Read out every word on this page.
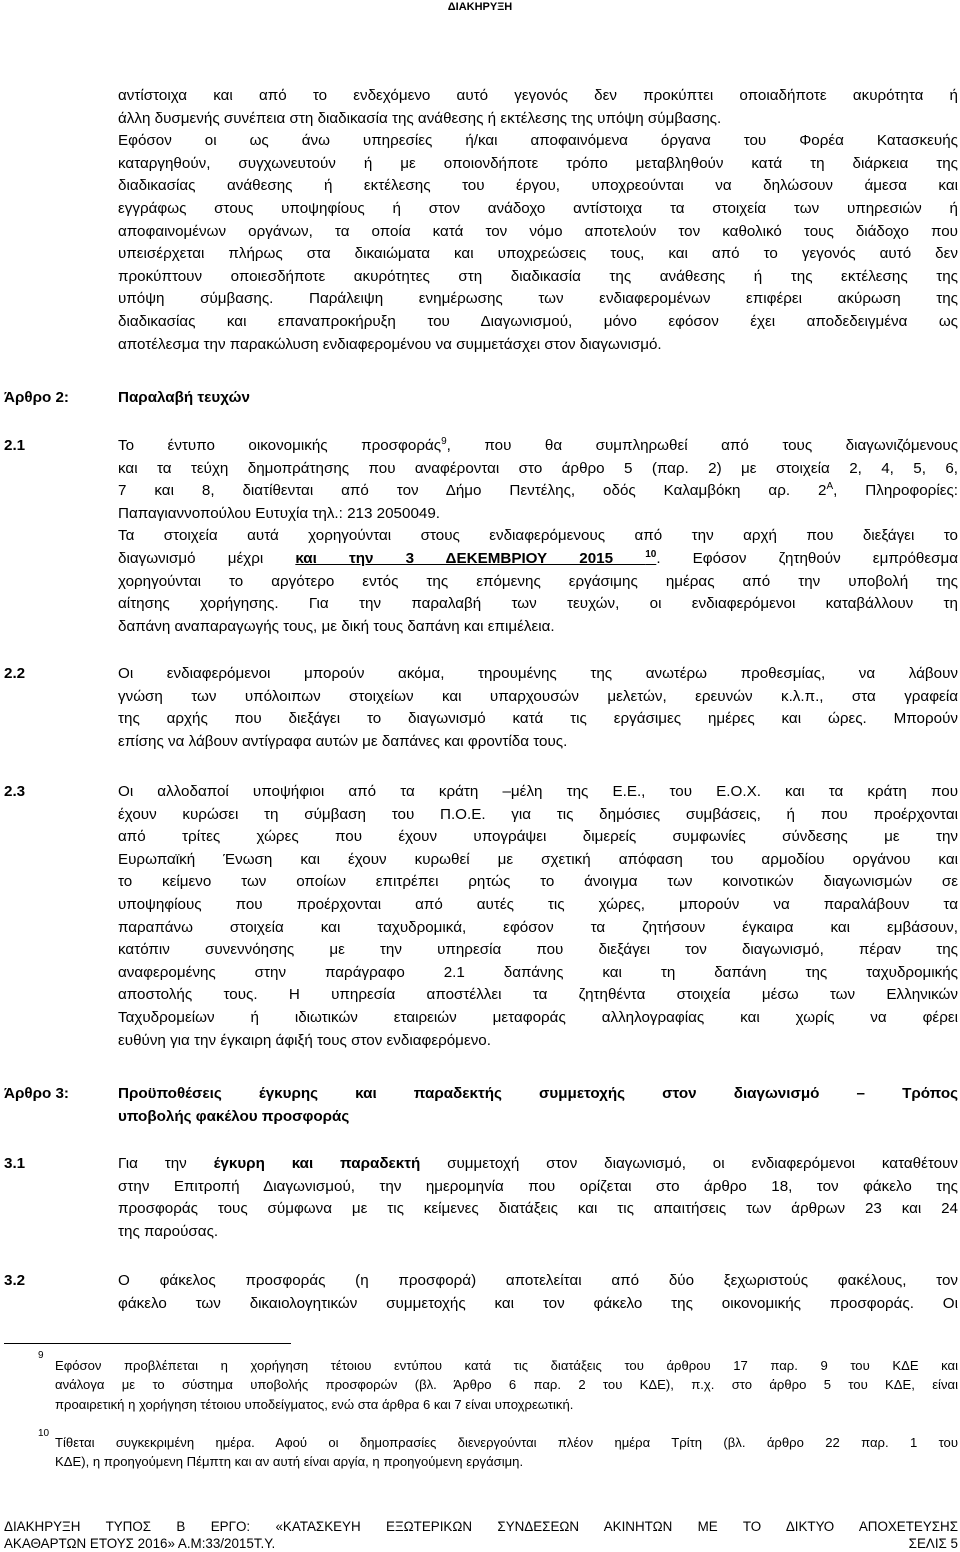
ΔΙΑΚΗΡΥΞΗ
αντίστοιχα και από το ενδεχόμενο αυτό γεγονός δεν προκύπτει οποιαδήποτε ακυρότητα ή
άλλη δυσμενής συνέπεια στη διαδικασία της ανάθεσης ή εκτέλεσης της υπόψη σύμβασης.
Εφόσον οι ως άνω υπηρεσίες ή/και αποφαινόμενα όργανα του Φορέα Κατασκευής
καταργηθούν, συγχωνευτούν ή με οποιονδήποτε τρόπο μεταβληθούν κατά τη διάρκεια της
διαδικασίας ανάθεσης ή εκτέλεσης του έργου, υποχρεούνται να δηλώσουν άμεσα και
εγγράφως στους υποψηφίους ή στον ανάδοχο αντίστοιχα τα στοιχεία των υπηρεσιών ή
αποφαινομένων οργάνων, τα οποία κατά τον νόμο αποτελούν τον καθολικό τους διάδοχο που
υπεισέρχεται πλήρως στα δικαιώματα και υποχρεώσεις τους, και από το γεγονός αυτό δεν
προκύπτουν οποιεσδήποτε ακυρότητες στη διαδικασία της ανάθεσης ή της εκτέλεσης της
υπόψη σύμβασης. Παράλειψη ενημέρωσης των ενδιαφερομένων επιφέρει ακύρωση της
διαδικασίας και επαναπροκήρυξη του Διαγωνισμού, μόνο εφόσον έχει αποδεδειγμένα ως
αποτέλεσμα την παρακώλυση ενδιαφερομένου να συμμετάσχει στον διαγωνισμό.
Άρθρο 2:	Παραλαβή τευχών
2.1	Το έντυπο οικονομικής προσφοράς$^9$, που θα συμπληρωθεί από τους διαγωνιζόμενους
και τα τεύχη δημοπράτησης που αναφέρονται στο άρθρο 5 (παρ. 2) με στοιχεία 2, 4, 5, 6,
7 και 8, διατίθενται από τον Δήμο Πεντέλης, οδός Καλαμβόκη αρ. $2^A$, Πληροφορίες:
Παπαγιαννοπούλου Ευτυχία τηλ.: 213 2050049.
Τα στοιχεία αυτά χορηγούνται στους ενδιαφερόμενους από την αρχή που διεξάγει το
διαγωνισμό μέχρι και την 3 ΔΕΚΕΜΒΡΙΟΥ 2015 $^{10}$. Εφόσον ζητηθούν εμπρόθεσμα
χορηγούνται το αργότερο εντός της επόμενης εργάσιμης ημέρας από την υποβολή της
αίτησης χορήγησης. Για την παραλαβή των τευχών, οι ενδιαφερόμενοι καταβάλλουν τη
δαπάνη αναπαραγωγής τους, με δική τους δαπάνη και επιμέλεια.
2.2	Οι ενδιαφερόμενοι μπορούν ακόμα, τηρουμένης της ανωτέρω προθεσμίας, να λάβουν
γνώση των υπόλοιπων στοιχείων και υπαρχουσών μελετών, ερευνών κ.λ.π., στα γραφεία
της αρχής που διεξάγει το διαγωνισμό κατά τις εργάσιμες ημέρες και ώρες. Μπορούν
επίσης να λάβουν αντίγραφα αυτών με δαπάνες και φροντίδα τους.
2.3	Οι αλλοδαποί υποψήφιοι από τα κράτη –μέλη της Ε.Ε., του Ε.Ο.Χ. και τα κράτη που
έχουν κυρώσει τη σύμβαση του Π.Ο.Ε. για τις δημόσιες συμβάσεις, ή που προέρχονται
από τρίτες χώρες που έχουν υπογράψει διμερείς συμφωνίες σύνδεσης με την
Ευρωπαϊκή Ένωση και έχουν κυρωθεί με σχετική απόφαση του αρμοδίου οργάνου και
το κείμενο των οποίων επιτρέπει ρητώς το άνοιγμα των κοινοτικών διαγωνισμών σε
υποψηφίους που προέρχονται από αυτές τις χώρες, μπορούν να παραλάβουν τα
παραπάνω στοιχεία και ταχυδρομικά, εφόσον τα ζητήσουν έγκαιρα και εμβάσουν,
κατόπιν συνεννόησης με την υπηρεσία που διεξάγει τον διαγωνισμό, πέραν της
αναφερομένης στην παράγραφο 2.1 δαπάνης και τη δαπάνη της ταχυδρομικής
αποστολής τους. Η υπηρεσία αποστέλλει τα ζητηθέντα στοιχεία μέσω των Ελληνικών
Ταχυδρομείων ή ιδιωτικών εταιρειών μεταφοράς αλληλογραφίας και χωρίς να φέρει
ευθύνη για την έγκαιρη άφιξή τους στον ενδιαφερόμενο.
Άρθρο 3:	Προϋποθέσεις έγκυρης και παραδεκτής συμμετοχής στον διαγωνισμό – Τρόπος
υποβολής φακέλου προσφοράς
3.1	Για την έγκυρη και παραδεκτή συμμετοχή στον διαγωνισμό, οι ενδιαφερόμενοι καταθέτουν
στην Επιτροπή Διαγωνισμού, την ημερομηνία που ορίζεται στο άρθρο 18, τον φάκελο της
προσφοράς τους σύμφωνα με τις κείμενες διατάξεις και τις απαιτήσεις των άρθρων 23 και 24
της παρούσας.
3.2	Ο φάκελος προσφοράς (η προσφορά) αποτελείται από δύο ξεχωριστούς φακέλους, τον
φάκελο των δικαιολογητικών συμμετοχής και τον φάκελο της οικονομικής προσφοράς. Οι
9
Εφόσον προβλέπεται η χορήγηση τέτοιου εντύπου κατά τις διατάξεις του άρθρου 17 παρ. 9 του ΚΔΕ και
ανάλογα με το σύστημα υποβολής προσφορών (βλ. Άρθρο 6 παρ. 2 του ΚΔΕ), π.χ. στο άρθρο 5 του ΚΔΕ, είναι
προαιρετική η χορήγηση τέτοιου υποδείγματος, ενώ στα άρθρα 6 και 7 είναι υποχρεωτική.
10
Τίθεται συγκεκριμένη ημέρα. Αφού οι δημοπρασίες διενεργούνται πλέον ημέρα Τρίτη (βλ. άρθρο 22 παρ. 1 του
ΚΔΕ), η προηγούμενη Πέμπτη και αν αυτή είναι αργία, η προηγούμενη εργάσιμη.
ΔΙΑΚΗΡΥΞΗ ΤΥΠΟΣ Β ΕΡΓΟ: «ΚΑΤΑΣΚΕΥΗ ΕΞΩΤΕΡΙΚΩΝ ΣΥΝΔΕΣΕΩΝ ΑΚΙΝΗΤΩΝ ΜΕ ΤΟ ΔΙΚΤΥΟ ΑΠΟΧΕΤΕΥΣΗΣ
ΑΚΑΘΑΡΤΩΝ ΕΤΟΥΣ 2016» Α.Μ:33/2015Τ.Υ.	ΣΕΛΙΣ 5
